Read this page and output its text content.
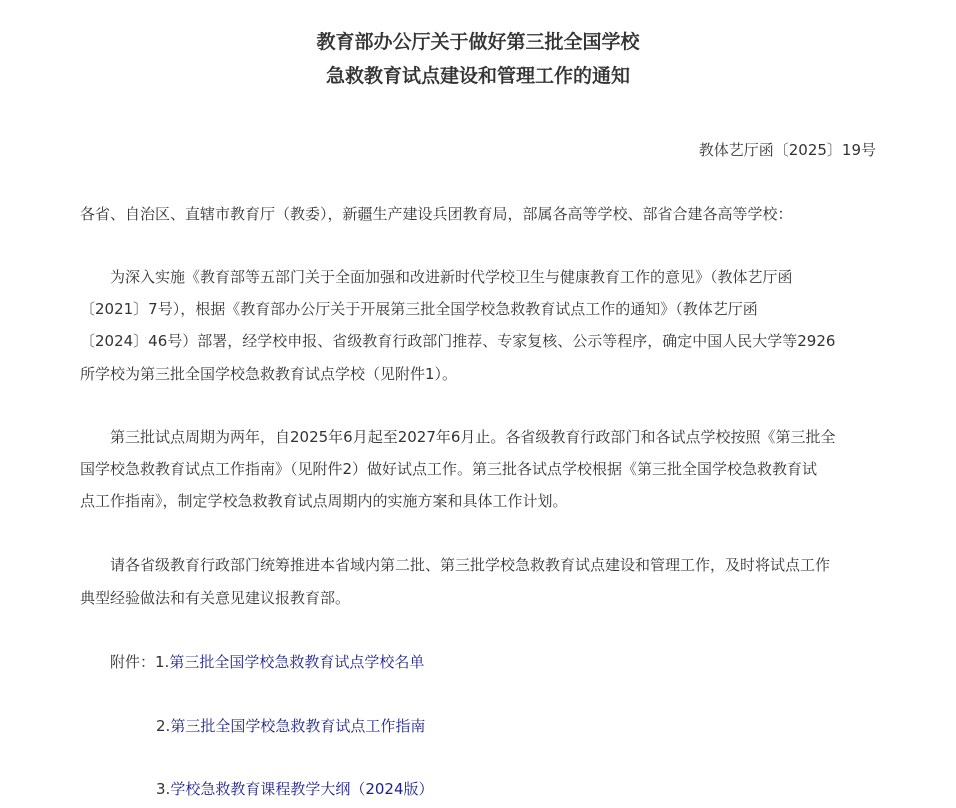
教育部办公厅关于做好第三批全国学校
急救教育试点建设和管理工作的通知
教体艺厅函〔2025〕19号
各省、自治区、直辖市教育厅（教委），新疆生产建设兵团教育局，部属各高等学校、部省合建各高等学校：
为深入实施《教育部等五部门关于全面加强和改进新时代学校卫生与健康教育工作的意见》（教体艺厅函
〔2021〕7号），根据《教育部办公厅关于开展第三批全国学校急救教育试点工作的通知》（教体艺厅函
〔2024〕46号）部署，经学校申报、省级教育行政部门推荐、专家复核、公示等程序，确定中国人民大学等2926
所学校为第三批全国学校急救教育试点学校（见附件1）。
第三批试点周期为两年，自2025年6月起至2027年6月止。各省级教育行政部门和各试点学校按照《第三批全
国学校急救教育试点工作指南》（见附件2）做好试点工作。第三批各试点学校根据《第三批全国学校急救教育试
点工作指南》，制定学校急救教育试点周期内的实施方案和具体工作计划。
请各省级教育行政部门统筹推进本省域内第二批、第三批学校急救教育试点建设和管理工作，及时将试点工作
典型经验做法和有关意见建议报教育部。
附件：1.第三批全国学校急救教育试点学校名单
2.第三批全国学校急救教育试点工作指南
3.学校急救教育课程教学大纲（2024版）
